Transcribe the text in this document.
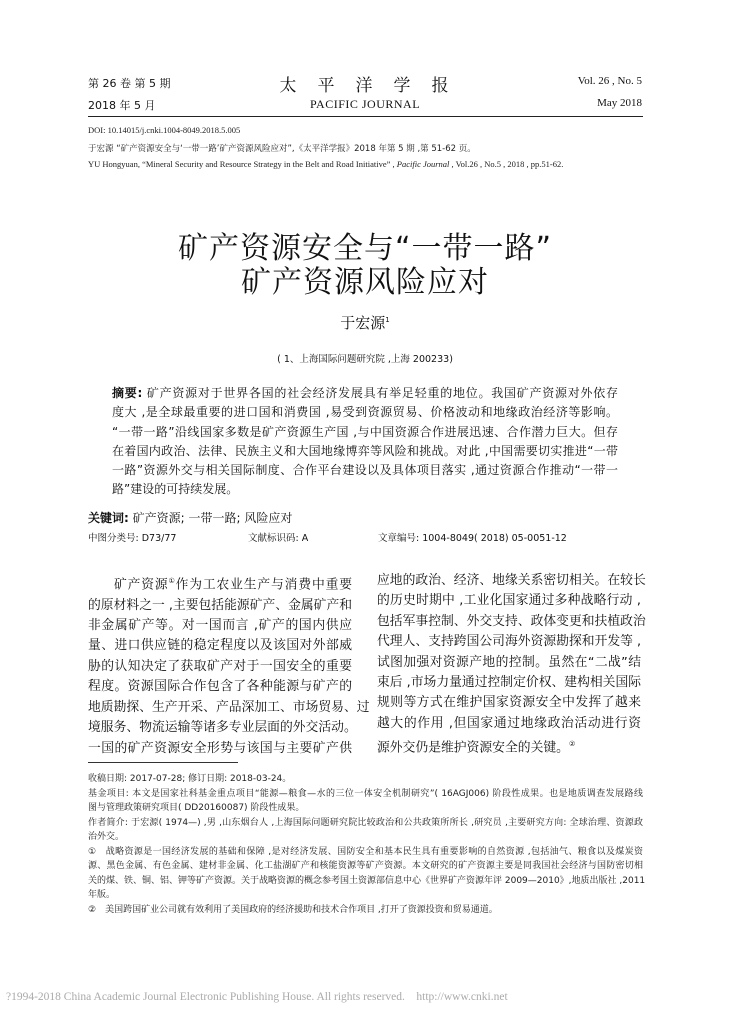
第 26 卷 第 5 期
2018 年 5 月
太　平　洋　学　报
PACIFIC JOURNAL
Vol. 26 , No. 5
May 2018
DOI: 10.14015/j.cnki.1004-8049.2018.5.005
于宏源 “矿产资源安全与‘一带一路’矿产资源风险应对”,《太平洋学报》2018 年第 5 期 ,第 51-62 页。
YU Hongyuan, “Mineral Security and Resource Strategy in the Belt and Road Initiative” , Pacific Journal , Vol.26 , No.5 , 2018 , pp.51-62.
矿产资源安全与“一带一路”
矿产资源风险应对
于宏源$^1$
( 1、上海国际问题研究院 ,上海 200233)
摘要: 矿产资源对于世界各国的社会经济发展具有举足轻重的地位。我国矿产资源对外依存
度大 ,是全球最重要的进口国和消费国 ,易受到资源贸易、价格波动和地缘政治经济等影响。
“一带一路”沿线国家多数是矿产资源生产国 ,与中国资源合作进展迅速、合作潜力巨大。但存
在着国内政治、法律、民族主义和大国地缘博弈等风险和挑战。对此 ,中国需要切实推进“一带
一路”资源外交与相关国际制度、合作平台建设以及具体项目落实 ,通过资源合作推动“一带一
路”建设的可持续发展。
关键词: 矿产资源; 一带一路; 风险应对
中图分类号: D73/77	文献标识码: A	文章编号: 1004-8049( 2018) 05-0051-12
矿产资源①作为工农业生产与消费中重要
的原材料之一 ,主要包括能源矿产、金属矿产和
非金属矿产等。对一国而言 ,矿产的国内供应
量、进口供应链的稳定程度以及该国对外部威
胁的认知决定了获取矿产对于一国安全的重要
程度。资源国际合作包含了各种能源与矿产的
地质勘探、生产开采、产品深加工、市场贸易、过
境服务、物流运输等诸多专业层面的外交活动。
一国的矿产资源安全形势与该国与主要矿产供
应地的政治、经济、地缘关系密切相关。在较长
的历史时期中 ,工业化国家通过多种战略行动 ,
包括军事控制、外交支持、政体变更和扶植政治
代理人、支持跨国公司海外资源勘探和开发等 ,
试图加强对资源产地的控制。虽然在“二战”结
束后 ,市场力量通过控制定价权、建构相关国际
规则等方式在维护国家资源安全中发挥了越来
越大的作用 ,但国家通过地缘政治活动进行资
源外交仍是维护资源安全的关键。②
收稿日期: 2017-07-28; 修订日期: 2018-03-24。
基金项目: 本文是国家社科基金重点项目“能源—粮食—水的三位一体安全机制研究”( 16AGJ006) 阶段性成果。也是地质调查发展路线
图与管理政策研究项目( DD20160087) 阶段性成果。
作者简介: 于宏源( 1974—) ,男 ,山东烟台人 ,上海国际问题研究院比较政治和公共政策所所长 ,研究员 ,主要研究方向: 全球治理、资源政
治外交。
①　战略资源是一国经济发展的基础和保障 ,是对经济发展、国防安全和基本民生具有重要影响的自然资源 ,包括油气、粮食以及煤炭资
源、黑色金属、有色金属、建材非金属、化工盐湖矿产和核能资源等矿产资源。本文研究的矿产资源主要是同我国社会经济与国防密切相
关的煤、铁、铜、铝、钾等矿产资源。关于战略资源的概念参考国土资源部信息中心《世界矿产资源年评 2009—2010》,地质出版社 ,2011
年版。
②　美国跨国矿业公司就有效利用了美国政府的经济援助和技术合作项目 ,打开了资源投资和贸易通道。
?1994-2018 China Academic Journal Electronic Publishing House. All rights reserved. http://www.cnki.net
